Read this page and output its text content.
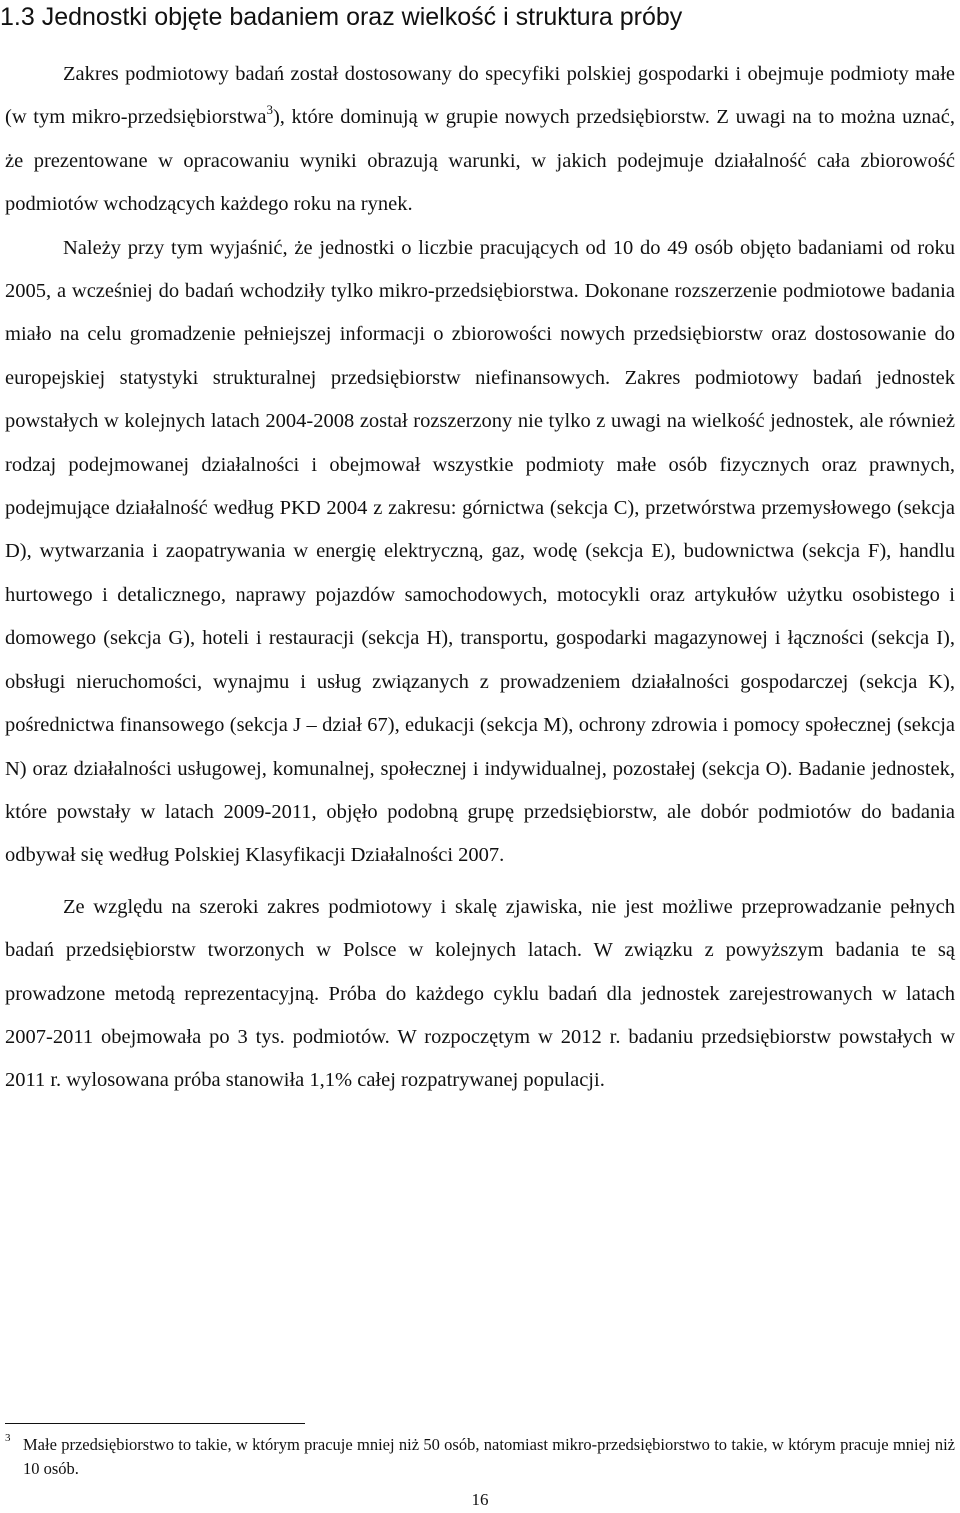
1.3 Jednostki objęte badaniem oraz wielkość i struktura próby

Zakres podmiotowy badań został dostosowany do specyfiki polskiej gospodarki i obejmuje podmioty małe (w tym mikro-przedsiębiorstwa$^3$), które dominują w grupie nowych przedsiębiorstw. Z uwagi na to można uznać, że prezentowane w opracowaniu wyniki obrazują warunki, w jakich podejmuje działalność cała zbiorowość podmiotów wchodzących każdego roku na rynek.

Należy przy tym wyjaśnić, że jednostki o liczbie pracujących od 10 do 49 osób objęto badaniami od roku 2005, a wcześniej do badań wchodziły tylko mikro-przedsiębiorstwa. Dokonane rozszerzenie podmiotowe badania miało na celu gromadzenie pełniejszej informacji o zbiorowości nowych przedsiębiorstw oraz dostosowanie do europejskiej statystyki strukturalnej przedsiębiorstw niefinansowych. Zakres podmiotowy badań jednostek powstałych w kolejnych latach 2004-2008 został rozszerzony nie tylko z uwagi na wielkość jednostek, ale również rodzaj podejmowanej działalności i obejmował wszystkie podmioty małe osób fizycznych oraz prawnych, podejmujące działalność według PKD 2004 z zakresu: górnictwa (sekcja C), przetwórstwa przemysłowego (sekcja D), wytwarzania i zaopatrywania w energię elektryczną, gaz, wodę (sekcja E), budownictwa (sekcja F), handlu hurtowego i detalicznego, naprawy pojazdów samochodowych, motocykli oraz artykułów użytku osobistego i domowego (sekcja G), hoteli i restauracji (sekcja H), transportu, gospodarki magazynowej i łączności (sekcja I), obsługi nieruchomości, wynajmu i usług związanych z prowadzeniem działalności gospodarczej (sekcja K), pośrednictwa finansowego (sekcja J – dział 67), edukacji (sekcja M), ochrony zdrowia i pomocy społecznej (sekcja N) oraz działalności usługowej, komunalnej, społecznej i indywidualnej, pozostałej (sekcja O). Badanie jednostek, które powstały w latach 2009-2011, objęło podobną grupę przedsiębiorstw, ale dobór podmiotów do badania odbywał się według Polskiej Klasyfikacji Działalności 2007.

Ze względu na szeroki zakres podmiotowy i skalę zjawiska, nie jest możliwe przeprowadzanie pełnych badań przedsiębiorstw tworzonych w Polsce w kolejnych latach. W związku z powyższym badania te są prowadzone metodą reprezentacyjną. Próba do każdego cyklu badań dla jednostek zarejestrowanych w latach 2007-2011 obejmowała po 3 tys. podmiotów. W rozpoczętym w 2012 r. badaniu przedsiębiorstw powstałych w 2011 r. wylosowana próba stanowiła 1,1% całej rozpatrywanej populacji.

3 Małe przedsiębiorstwo to takie, w którym pracuje mniej niż 50 osób, natomiast mikro-przedsiębiorstwo to takie, w którym pracuje mniej niż 10 osób.
16
